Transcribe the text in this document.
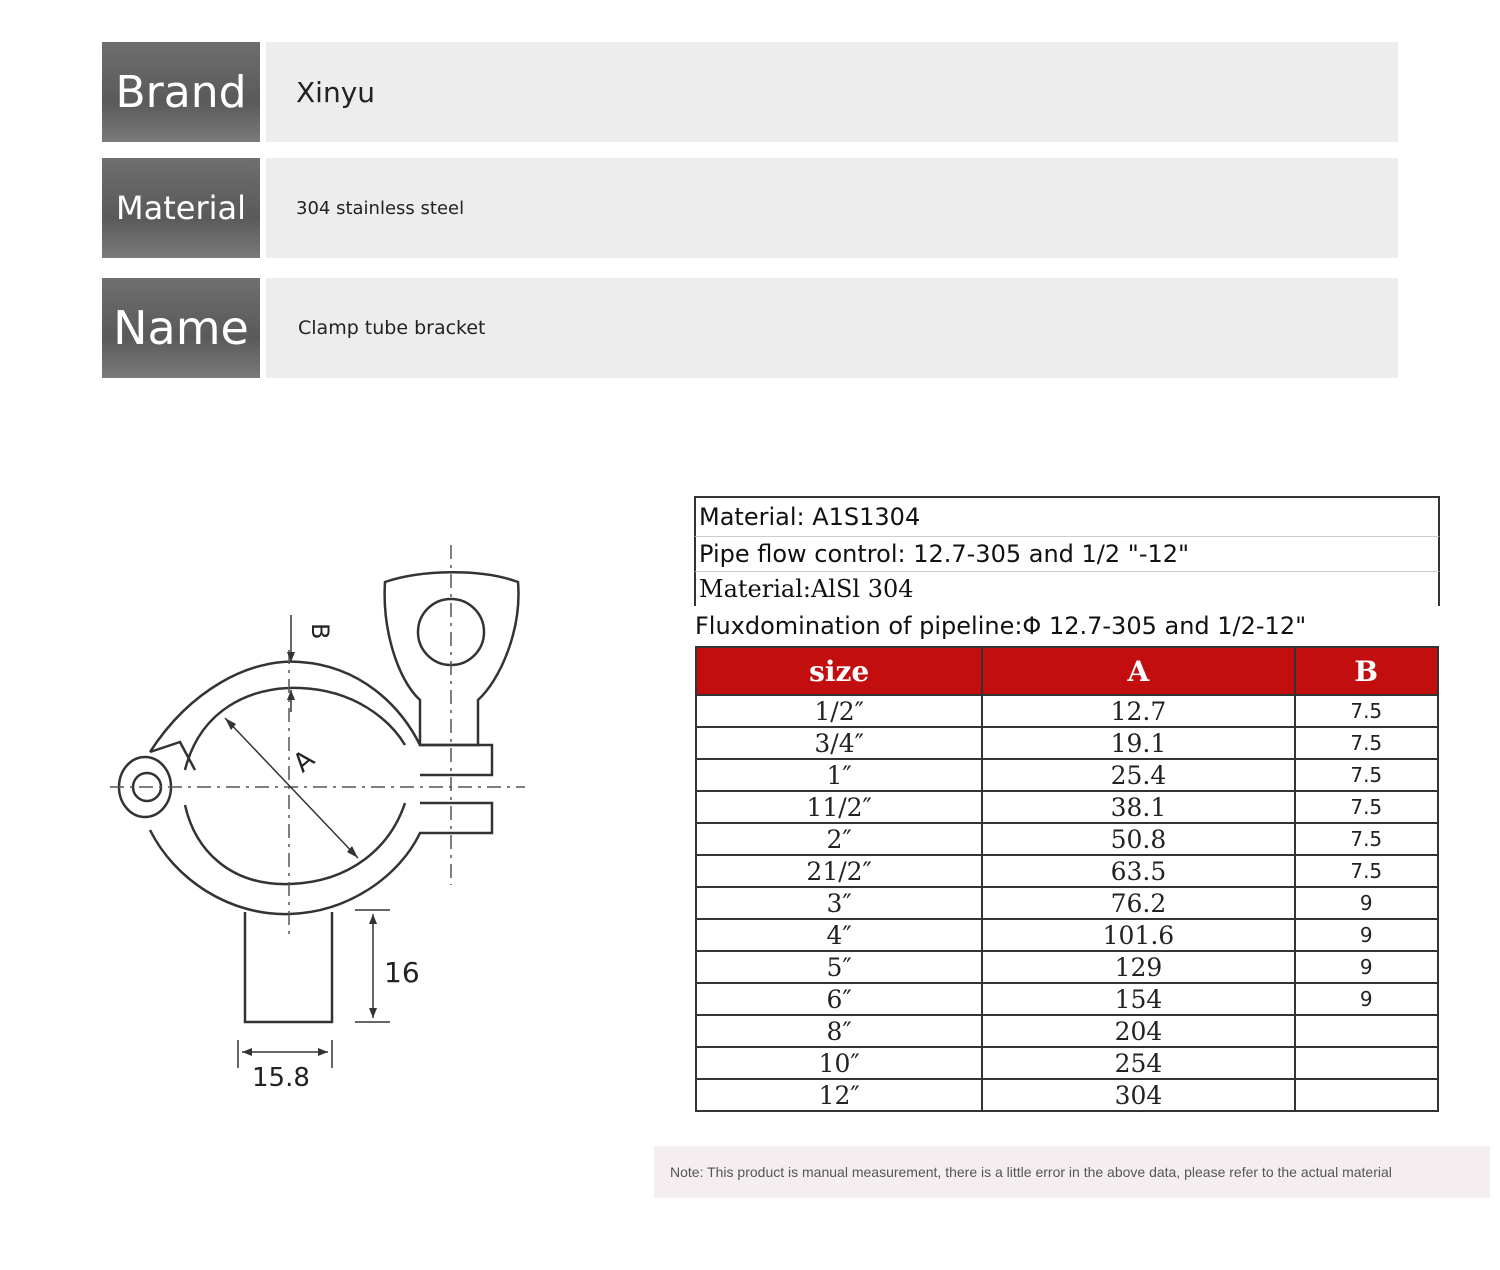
Brand	Xinyu
Material	304 stainless steel
Name	Clamp tube bracket
A
B
16
15.8
Material: A1S1304
Pipe flow control: 12.7-305 and 1/2 "-12"
Material:AlSl 304
Fluxdomination of pipeline:Φ 12.7-305 and 1/2-12"
size	A	B
1/2″	12.7	7.5
3/4″	19.1	7.5
1″	25.4	7.5
11/2″	38.1	7.5
2″	50.8	7.5
21/2″	63.5	7.5
3″	76.2	9
4″	101.6	9
5″	129	9
6″	154	9
8″	204	
10″	254	
12″	304	
Note: This product is manual measurement, there is a little error in the above data, please refer to the actual material
